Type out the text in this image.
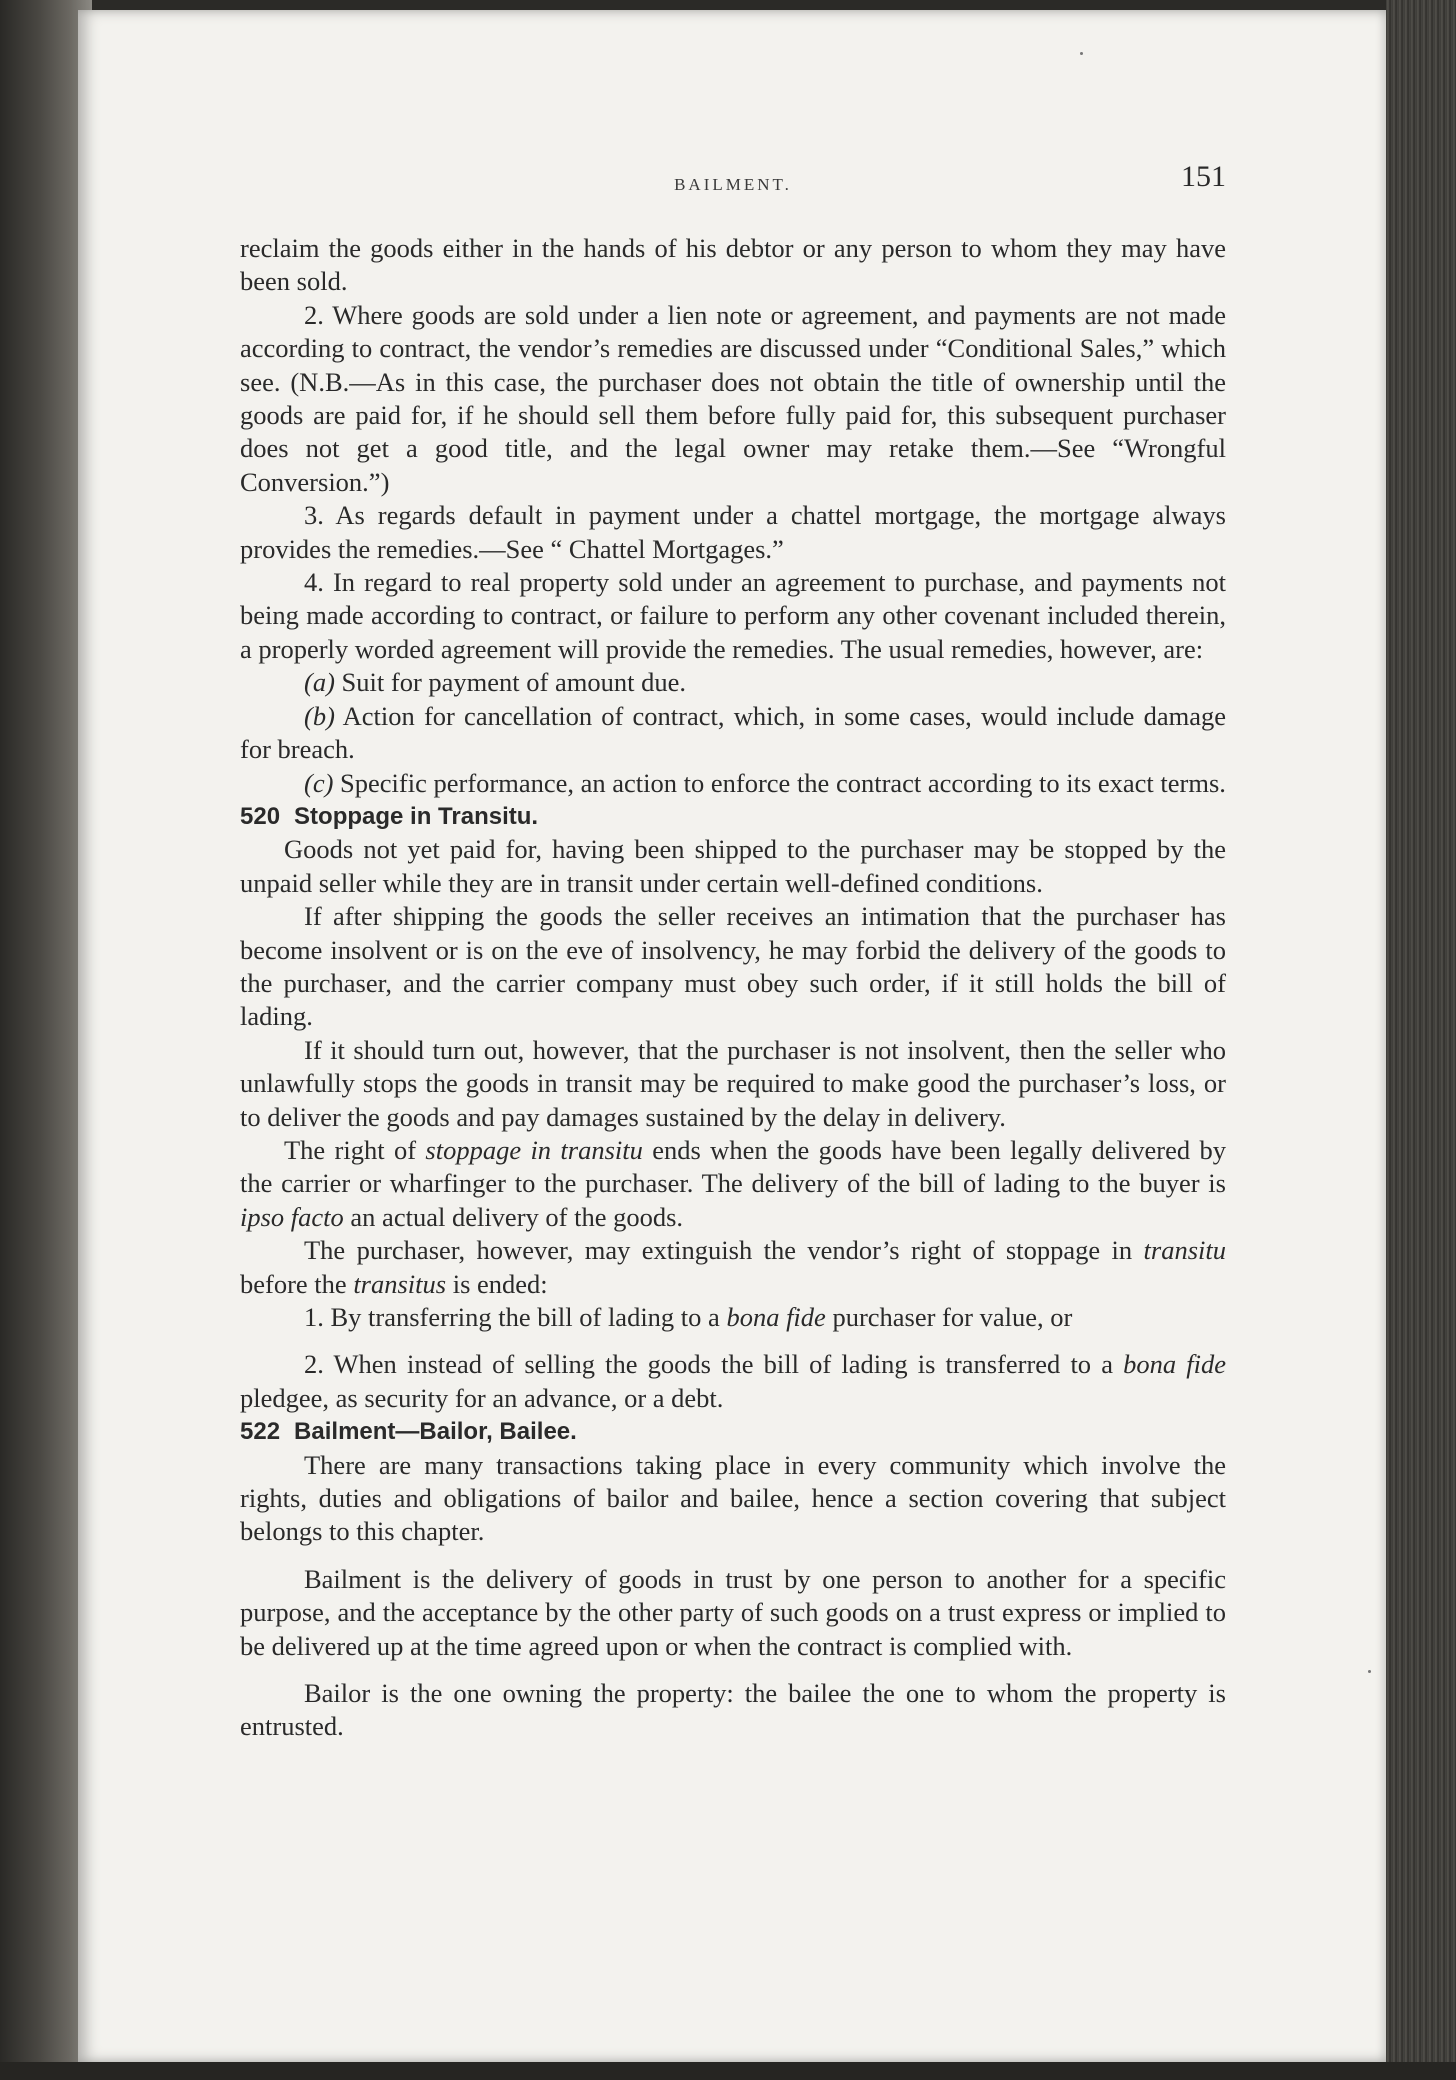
BAILMENT.	151

reclaim the goods either in the hands of his debtor or any person to whom they may have been sold.

2. Where goods are sold under a lien note or agreement, and payments are not made according to contract, the vendor’s remedies are discussed under “Conditional Sales,” which see. (N.B.—As in this case, the purchaser does not obtain the title of ownership until the goods are paid for, if he should sell them before fully paid for, this subsequent purchaser does not get a good title, and the legal owner may retake them.—See “Wrongful Conversion.”)

3. As regards default in payment under a chattel mortgage, the mortgage always provides the remedies.—See “ Chattel Mortgages.”

4. In regard to real property sold under an agreement to purchase, and payments not being made according to contract, or failure to perform any other covenant included therein, a properly worded agreement will provide the remedies. The usual remedies, however, are:

(a) Suit for payment of amount due.

(b) Action for cancellation of contract, which, in some cases, would include damage for breach.

(c) Specific performance, an action to enforce the contract according to its exact terms.

520 Stoppage in Transitu.

Goods not yet paid for, having been shipped to the purchaser may be stopped by the unpaid seller while they are in transit under certain well-defined conditions.

If after shipping the goods the seller receives an intimation that the purchaser has become insolvent or is on the eve of insolvency, he may forbid the delivery of the goods to the purchaser, and the carrier company must obey such order, if it still holds the bill of lading.

If it should turn out, however, that the purchaser is not insolvent, then the seller who unlawfully stops the goods in transit may be required to make good the purchaser’s loss, or to deliver the goods and pay damages sustained by the delay in delivery.

The right of stoppage in transitu ends when the goods have been legally delivered by the carrier or wharfinger to the purchaser. The delivery of the bill of lading to the buyer is ipso facto an actual delivery of the goods.

The purchaser, however, may extinguish the vendor’s right of stoppage in transitu before the transitus is ended:

1. By transferring the bill of lading to a bona fide purchaser for value, or

2. When instead of selling the goods the bill of lading is transferred to a bona fide pledgee, as security for an advance, or a debt.

522 Bailment—Bailor, Bailee.

There are many transactions taking place in every community which involve the rights, duties and obligations of bailor and bailee, hence a section covering that subject belongs to this chapter.

Bailment is the delivery of goods in trust by one person to another for a specific purpose, and the acceptance by the other party of such goods on a trust express or implied to be delivered up at the time agreed upon or when the contract is complied with.

Bailor is the one owning the property: the bailee the one to whom the property is entrusted.
